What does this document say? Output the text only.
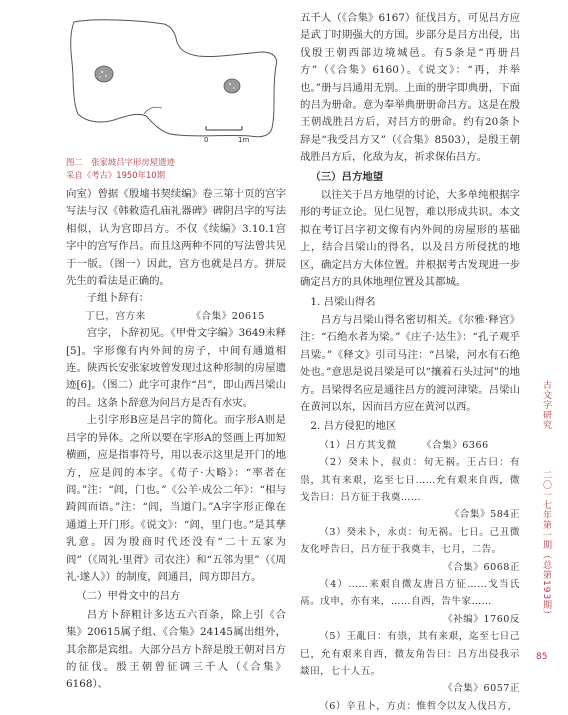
0	1m
图二　张家坡吕字形房屋遗迹
采自《考古》1950年10期

向室）曾据《殷墟书契续编》卷三第十页的宫字写法与汉《韩敕造孔庙礼器碑》碑阴吕字的写法相似，认为宫即吕方。不仅《续编》3.10.1宫字中的宫写作吕。而且这两种不同的写法曾共见于一版。（图一）因此，宫方也就是吕方。拼辰先生的看法是正确的。

子组卜辞有：

丁巳，宫方来　　　　　	《合集》20615

宫字，卜辞初见。《甲骨文字编》3649未释[5]。字形像有内外间的房子，中间有通道相连。陕西长安张家坡曾发现过这种形制的房屋遗迹[6]。（图二）此字可隶作“吕”，即山西吕梁山的吕。这条卜辞意为问吕方是否有水灾。

上引字形B应是吕字的简化。而字形A则是吕字的异体。之所以要在字形A的竖画上再加短横画，应是指事符号，用以表示这里是开门的地方，应是闾的本字。《荀子·大略》：“率者在闾。”注：“闾，门也。”《公羊·成公二年》：“相与踦闾而语。”注：“闾，当道门。”A字字形正像在通道上开门形。《说文》：“闾，里门也。”是其孳乳意。因为殷商时代还没有“二十五家为闾”（《周礼·里胥》司农注）和“五邻为里”（《周礼·遂人》）的制度，闾通吕，闾方即吕方。

（二）甲骨文中的吕方

吕方卜辞粗计多达五六百条，除上引《合集》20615属子组、《合集》24145属出组外，其余都是宾组。大部分吕方卜辞是殷王朝对吕方的征伐。殷王朝曾征调三千人（《合集》6168）、

五千人（《合集》6167）征伐吕方，可见吕方应是武丁时期强大的方国。步部分是吕方出侵，出伐殷王朝西部边境城邑。有5条是“再册吕方”（《合集》6160）。《说文》：“再，并举也。”册与吕通用无别。上面的册字即典册，下面的吕为册命。意为奉举典册册命吕方。这是在殷王朝战胜吕方后，对吕方的册命。约有20条卜辞是“我受吕方又”（《合集》8503），是殷王朝战胜吕方后，化敌为友，祈求保佑吕方。

（三）吕方地望

以往关于吕方地望的讨论，大多单纯根据字形的考证立论。见仁见智，难以形成共识。本文拟在考订吕字初文像有内外间的房屋形的基础上，结合吕梁山的得名，以及吕方所侵扰的地区，确定吕方大体位置。并根据考古发现进一步确定吕方的具体地理位置及其都城。

1. 吕梁山得名

吕方与吕梁山得名密切相关。《尔雅·释宫》注：“石绝水者为梁。”《庄子·达生》：“孔子观乎吕梁。”《释文》引司马注：“吕梁，河水有石绝处也。”意思是说吕梁是可以“攘着石头过河”的地方。吕梁得名应是通往吕方的渡河津梁。吕梁山在黄河以东，因而吕方应在黄河以西。

2. 吕方侵犯的地区

（1）吕方其戈微　　　	《合集》6366

（2）癸未卜，叔贞：旬无祸。王占曰：有祟，其有来艰，迄至七日……允有艰来自西，微戈告曰：吕方征于我奠……

《合集》584正

（3）癸未卜，永贞：旬无祸。七日。己丑微友化呼告曰，吕方征于我奠丰，七月，二告。

《合集》6068正

（4）……来艰自微友唐吕方征……戈当氏鬲。戊申，亦有来，……自西，告牛家……

《补编》1760反

（5）王亂曰：有祟，其有来艰，迄至七日己巳，允有艰来自西，微友角告曰：吕方出侵我示燚田，七十人五。

《合集》6057正

（6）辛丑卜，方贞：惟哲令以友人伐吕方，

古文字研究
二〇一七年第一期（总第193期）
85
